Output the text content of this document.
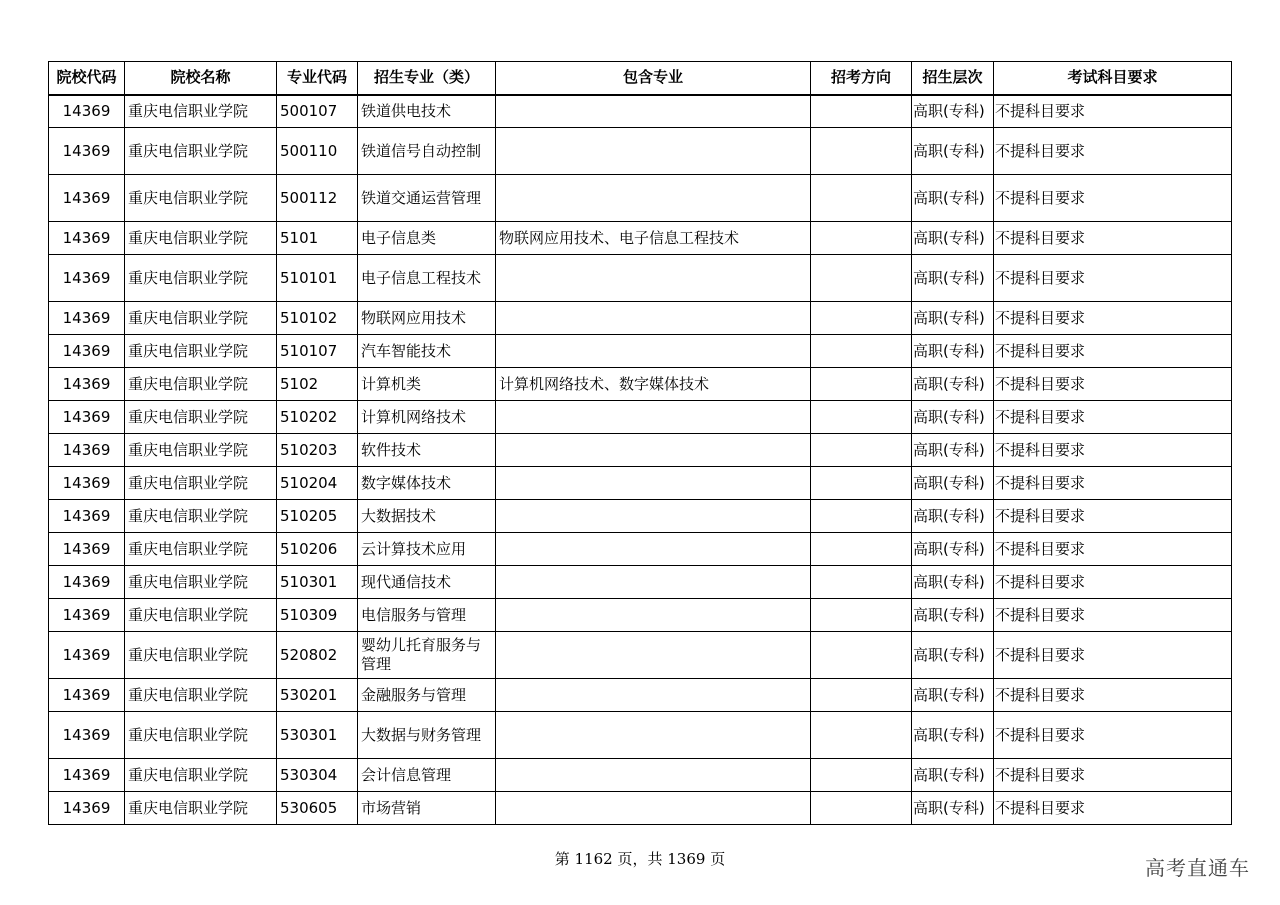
院校代码	院校名称	专业代码	招生专业（类）	包含专业	招考方向	招生层次	考试科目要求
14369	重庆电信职业学院	500107	铁道供电技术			高职(专科)	不提科目要求
14369	重庆电信职业学院	500110	铁道信号自动控制			高职(专科)	不提科目要求
14369	重庆电信职业学院	500112	铁道交通运营管理			高职(专科)	不提科目要求
14369	重庆电信职业学院	5101	电子信息类	物联网应用技术、电子信息工程技术		高职(专科)	不提科目要求
14369	重庆电信职业学院	510101	电子信息工程技术			高职(专科)	不提科目要求
14369	重庆电信职业学院	510102	物联网应用技术			高职(专科)	不提科目要求
14369	重庆电信职业学院	510107	汽车智能技术			高职(专科)	不提科目要求
14369	重庆电信职业学院	5102	计算机类	计算机网络技术、数字媒体技术		高职(专科)	不提科目要求
14369	重庆电信职业学院	510202	计算机网络技术			高职(专科)	不提科目要求
14369	重庆电信职业学院	510203	软件技术			高职(专科)	不提科目要求
14369	重庆电信职业学院	510204	数字媒体技术			高职(专科)	不提科目要求
14369	重庆电信职业学院	510205	大数据技术			高职(专科)	不提科目要求
14369	重庆电信职业学院	510206	云计算技术应用			高职(专科)	不提科目要求
14369	重庆电信职业学院	510301	现代通信技术			高职(专科)	不提科目要求
14369	重庆电信职业学院	510309	电信服务与管理			高职(专科)	不提科目要求
14369	重庆电信职业学院	520802	婴幼儿托育服务与管理			高职(专科)	不提科目要求
14369	重庆电信职业学院	530201	金融服务与管理			高职(专科)	不提科目要求
14369	重庆电信职业学院	530301	大数据与财务管理			高职(专科)	不提科目要求
14369	重庆电信职业学院	530304	会计信息管理			高职(专科)	不提科目要求
14369	重庆电信职业学院	530605	市场营销			高职(专科)	不提科目要求
第 1162 页，共 1369 页	高考直通车
